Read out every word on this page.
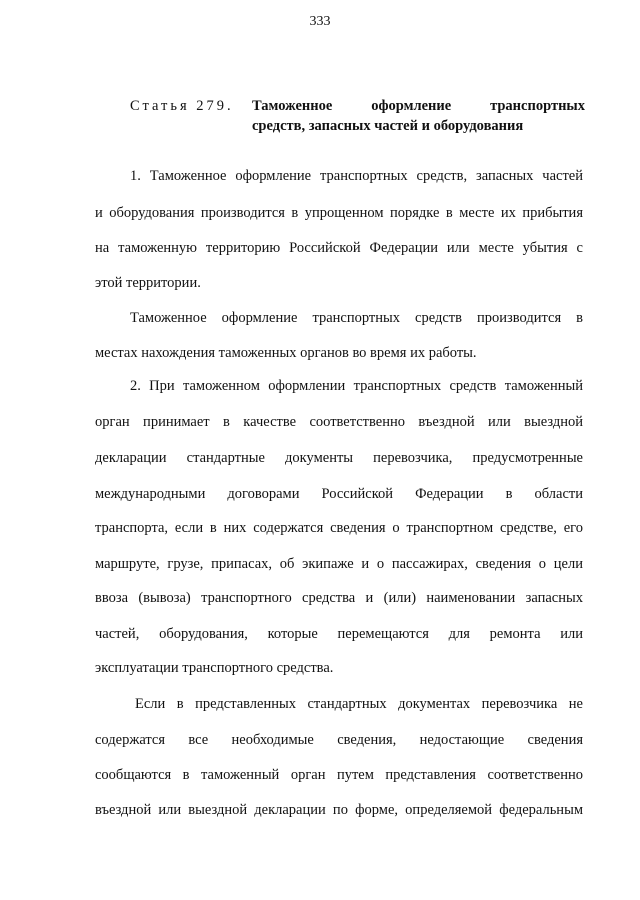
333
Статья 279. Таможенное оформление транспортных
средств, запасных частей и оборудования
1. Таможенное оформление транспортных средств, запасных частей
и оборудования производится в упрощенном порядке в месте их прибытия
на таможенную территорию Российской Федерации или месте убытия с
этой территории.
Таможенное оформление транспортных средств производится в
местах нахождения таможенных органов во время их работы.
2. При таможенном оформлении транспортных средств таможенный
орган принимает в качестве соответственно въездной или выездной
декларации стандартные документы перевозчика, предусмотренные
международными договорами Российской Федерации в области
транспорта, если в них содержатся сведения о транспортном средстве, его
маршруте, грузе, припасах, об экипаже и о пассажирах, сведения о цели
ввоза (вывоза) транспортного средства и (или) наименовании запасных
частей, оборудования, которые перемещаются для ремонта или
эксплуатации транспортного средства.
Если в представленных стандартных документах перевозчика не
содержатся все необходимые сведения, недостающие сведения
сообщаются в таможенный орган путем представления соответственно
въездной или выездной декларации по форме, определяемой федеральным
